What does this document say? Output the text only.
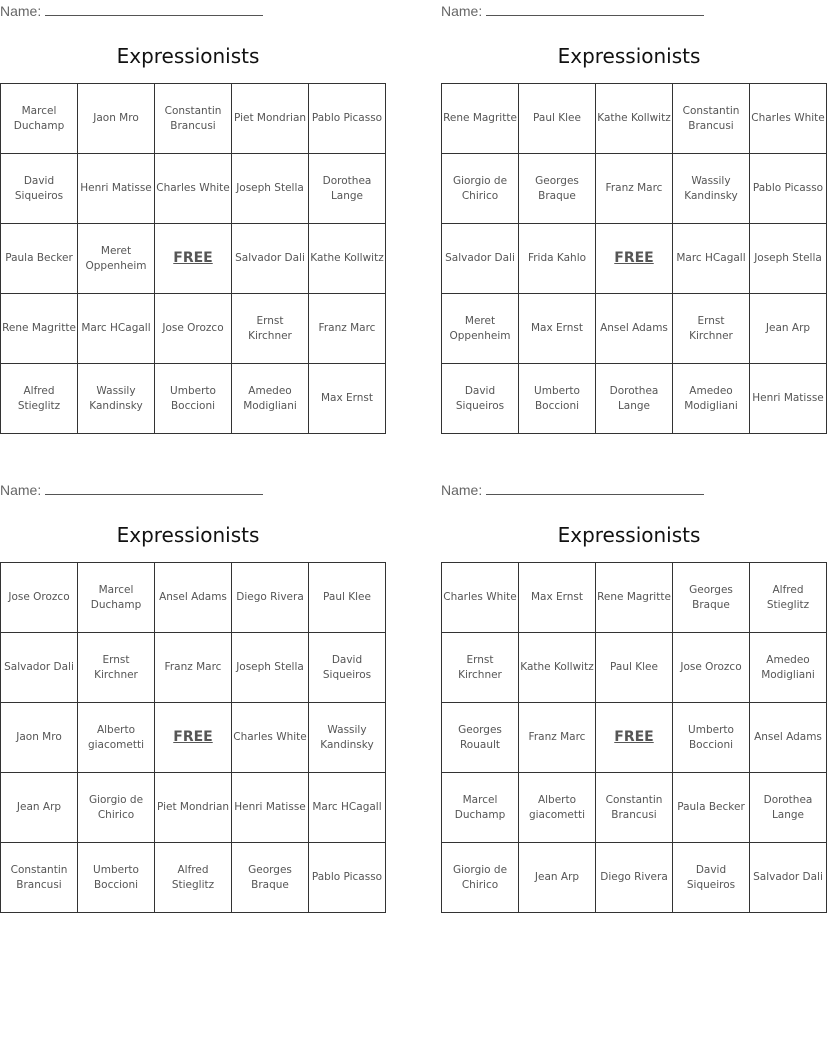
Name:
Expressionists
Marcel Duchamp	Jaon Mro	Constantin Brancusi	Piet Mondrian	Pablo Picasso
David Siqueiros	Henri Matisse	Charles White	Joseph Stella	Dorothea Lange
Paula Becker	Meret Oppenheim	FREE	Salvador Dali	Kathe Kollwitz
Rene Magritte	Marc HCagall	Jose Orozco	Ernst Kirchner	Franz Marc
Alfred Stieglitz	Wassily Kandinsky	Umberto Boccioni	Amedeo Modigliani	Max Ernst
Name:
Expressionists
Rene Magritte	Paul Klee	Kathe Kollwitz	Constantin Brancusi	Charles White
Giorgio de Chirico	Georges Braque	Franz Marc	Wassily Kandinsky	Pablo Picasso
Salvador Dali	Frida Kahlo	FREE	Marc HCagall	Joseph Stella
Meret Oppenheim	Max Ernst	Ansel Adams	Ernst Kirchner	Jean Arp
David Siqueiros	Umberto Boccioni	Dorothea Lange	Amedeo Modigliani	Henri Matisse
Name:
Expressionists
Jose Orozco	Marcel Duchamp	Ansel Adams	Diego Rivera	Paul Klee
Salvador Dali	Ernst Kirchner	Franz Marc	Joseph Stella	David Siqueiros
Jaon Mro	Alberto giacometti	FREE	Charles White	Wassily Kandinsky
Jean Arp	Giorgio de Chirico	Piet Mondrian	Henri Matisse	Marc HCagall
Constantin Brancusi	Umberto Boccioni	Alfred Stieglitz	Georges Braque	Pablo Picasso
Name:
Expressionists
Charles White	Max Ernst	Rene Magritte	Georges Braque	Alfred Stieglitz
Ernst Kirchner	Kathe Kollwitz	Paul Klee	Jose Orozco	Amedeo Modigliani
Georges Rouault	Franz Marc	FREE	Umberto Boccioni	Ansel Adams
Marcel Duchamp	Alberto giacometti	Constantin Brancusi	Paula Becker	Dorothea Lange
Giorgio de Chirico	Jean Arp	Diego Rivera	David Siqueiros	Salvador Dali
